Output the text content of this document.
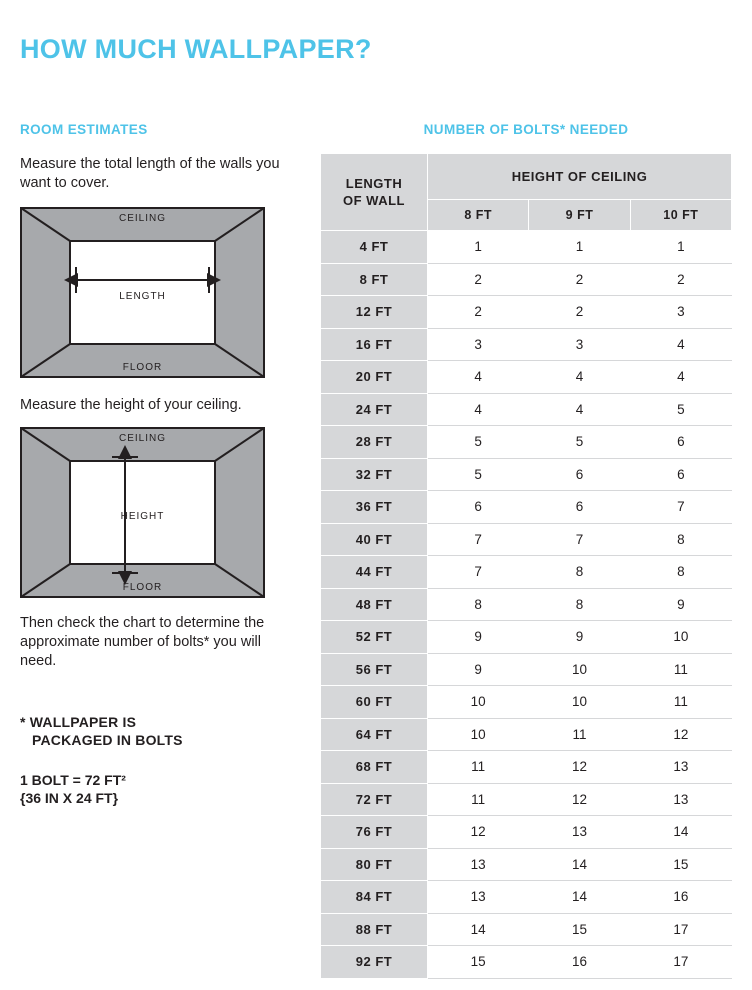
HOW MUCH WALLPAPER?
ROOM ESTIMATES

Measure the total length of the walls you want to cover.

CEILING
FLOOR
LENGTH

Measure the height of your ceiling.

CEILING
FLOOR
HEIGHT

Then check the chart to determine the approximate number of bolts* you will need.

* WALLPAPER IS

PACKAGED IN BOLTS

1 BOLT = 72 FT²
{36 IN X 24 FT}

NUMBER OF BOLTS* NEEDED
LENGTH
OF WALL	HEIGHT OF CEILING		
	8 FT	9 FT	10 FT
4 FT	1	1	1
8 FT	2	2	2
12 FT	2	2	3
16 FT	3	3	4
20 FT	4	4	4
24 FT	4	4	5
28 FT	5	5	6
32 FT	5	6	6
36 FT	6	6	7
40 FT	7	7	8
44 FT	7	8	8
48 FT	8	8	9
52 FT	9	9	10
56 FT	9	10	11
60 FT	10	10	11
64 FT	10	11	12
68 FT	11	12	13
72 FT	11	12	13
76 FT	12	13	14
80 FT	13	14	15
84 FT	13	14	16
88 FT	14	15	17
92 FT	15	16	17
